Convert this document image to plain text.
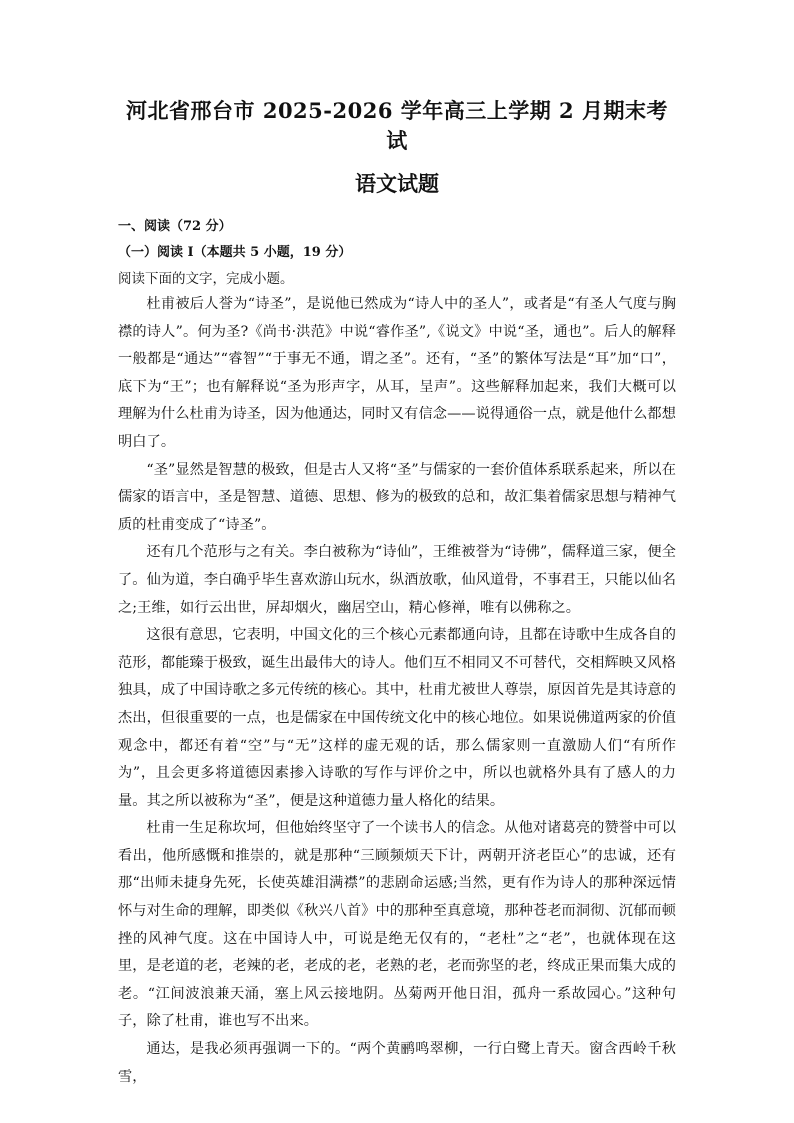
河北省邢台市 2025-2026 学年高三上学期 2 月期末考试
语文试题
一、阅读（72 分）
（一）阅读 I（本题共 5 小题，19 分）
阅读下面的文字，完成小题。

杜甫被后人誉为“诗圣”，是说他已然成为“诗人中的圣人”，或者是“有圣人气度与胸襟的诗人”。何为圣?《尚书·洪范》中说“睿作圣”,《说文》中说“圣，通也”。后人的解释一般都是“通达”“睿智”“于事无不通，谓之圣”。还有，“圣”的繁体写法是“耳”加“口”，底下为“王”；也有解释说“圣为形声字，从耳，呈声”。这些解释加起来，我们大概可以理解为什么杜甫为诗圣，因为他通达，同时又有信念——说得通俗一点，就是他什么都想明白了。

“圣”显然是智慧的极致，但是古人又将“圣”与儒家的一套价值体系联系起来，所以在儒家的语言中，圣是智慧、道德、思想、修为的极致的总和，故汇集着儒家思想与精神气质的杜甫变成了“诗圣”。

还有几个范形与之有关。李白被称为“诗仙”，王维被誉为“诗佛”，儒释道三家，便全了。仙为道，李白确乎毕生喜欢游山玩水，纵酒放歌，仙风道骨，不事君王，只能以仙名之;王维，如行云出世，屏却烟火，幽居空山，精心修禅，唯有以佛称之。

这很有意思，它表明，中国文化的三个核心元素都通向诗，且都在诗歌中生成各自的范形，都能臻于极致，诞生出最伟大的诗人。他们互不相同又不可替代，交相辉映又风格独具，成了中国诗歌之多元传统的核心。其中，杜甫尤被世人尊崇，原因首先是其诗意的杰出，但很重要的一点，也是儒家在中国传统文化中的核心地位。如果说佛道两家的价值观念中，都还有着“空”与“无”这样的虚无观的话，那么儒家则一直激励人们“有所作为”，且会更多将道德因素掺入诗歌的写作与评价之中，所以也就格外具有了感人的力量。其之所以被称为“圣”，便是这种道德力量人格化的结果。

杜甫一生足称坎坷，但他始终坚守了一个读书人的信念。从他对诸葛亮的赞誉中可以看出，他所感慨和推崇的，就是那种“三顾频烦天下计，两朝开济老臣心”的忠诚，还有那“出师未捷身先死，长使英雄泪满襟”的悲剧命运感;当然，更有作为诗人的那种深远情怀与对生命的理解，即类似《秋兴八首》中的那种至真意境，那种苍老而洞彻、沉郁而顿挫的风神气度。这在中国诗人中，可说是绝无仅有的，“老杜”之“老”，也就体现在这里，是老道的老，老辣的老，老成的老，老熟的老，老而弥坚的老，终成正果而集大成的老。“江间波浪兼天涌，塞上风云接地阴。丛菊两开他日泪，孤舟一系故园心。”这种句子，除了杜甫，谁也写不出来。

通达，是我必须再强调一下的。“两个黄鹂鸣翠柳，一行白鹭上青天。窗含西岭千秋雪，
